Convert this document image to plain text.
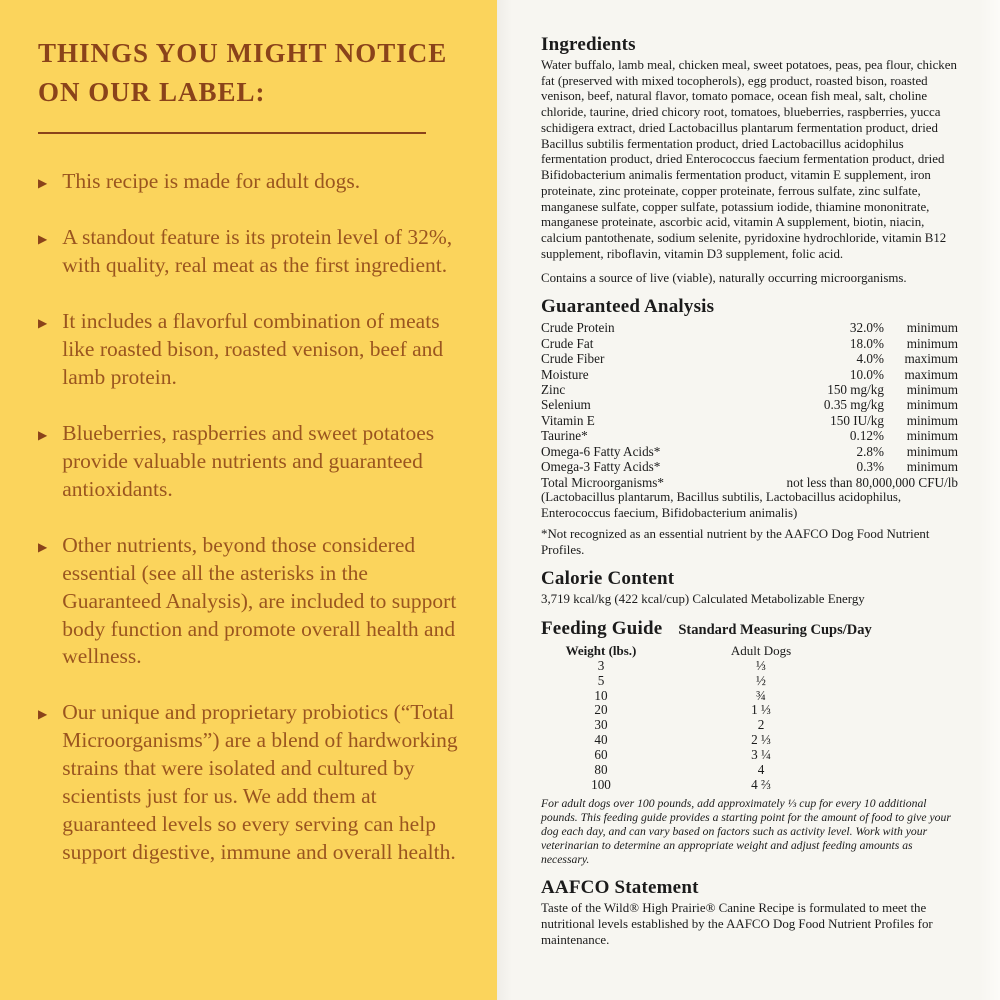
THINGS YOU MIGHT NOTICE ON OUR LABEL:
▶ This recipe is made for adult dogs.
▶ A standout feature is its protein level of 32%, with quality, real meat as the first ingredient.
▶ It includes a flavorful combination of meats like roasted bison, roasted venison, beef and lamb protein.
▶ Blueberries, raspberries and sweet potatoes provide valuable nutrients and guaranteed antioxidants.
▶ Other nutrients, beyond those considered essential (see all the asterisks in the Guaranteed Analysis), are included to support body function and promote overall health and wellness.
▶ Our unique and proprietary probiotics (“Total Microorganisms”) are a blend of hardworking strains that were isolated and cultured by scientists just for us. We add them at guaranteed levels so every serving can help support digestive, immune and overall health.
Ingredients
Water buffalo, lamb meal, chicken meal, sweet potatoes, peas, pea flour, chicken fat (preserved with mixed tocopherols), egg product, roasted bison, roasted venison, beef, natural flavor, tomato pomace, ocean fish meal, salt, choline chloride, taurine, dried chicory root, tomatoes, blueberries, raspberries, yucca schidigera extract, dried Lactobacillus plantarum fermentation product, dried Bacillus subtilis fermentation product, dried Lactobacillus acidophilus fermentation product, dried Enterococcus faecium fermentation product, dried Bifidobacterium animalis fermentation product, vitamin E supplement, iron proteinate, zinc proteinate, copper proteinate, ferrous sulfate, zinc sulfate, manganese sulfate, copper sulfate, potassium iodide, thiamine mononitrate, manganese proteinate, ascorbic acid, vitamin A supplement, biotin, niacin, calcium pantothenate, sodium selenite, pyridoxine hydrochloride, vitamin B12 supplement, riboflavin, vitamin D3 supplement, folic acid.
Contains a source of live (viable), naturally occurring microorganisms.
Guaranteed Analysis
Crude Protein	32.0%	minimum
Crude Fat	18.0%	minimum
Crude Fiber	4.0%	maximum
Moisture	10.0%	maximum
Zinc	150 mg/kg	minimum
Selenium	0.35 mg/kg	minimum
Vitamin E	150 IU/kg	minimum
Taurine*	0.12%	minimum
Omega-6 Fatty Acids*	2.8%	minimum
Omega-3 Fatty Acids*	0.3%	minimum
Total Microorganisms*	not less than 80,000,000 CFU/lb
(Lactobacillus plantarum, Bacillus subtilis, Lactobacillus acidophilus, Enterococcus faecium, Bifidobacterium animalis)
*Not recognized as an essential nutrient by the AAFCO Dog Food Nutrient Profiles.
Calorie Content
3,719 kcal/kg (422 kcal/cup) Calculated Metabolizable Energy
Feeding Guide Standard Measuring Cups/Day
Weight (lbs.)	Adult Dogs
3	⅓
5	½
10	¾
20	1 ⅓
30	2
40	2 ⅓
60	3 ¼
80	4
100	4 ⅔
For adult dogs over 100 pounds, add approximately ⅓ cup for every 10 additional pounds. This feeding guide provides a starting point for the amount of food to give your dog each day, and can vary based on factors such as activity level. Work with your veterinarian to determine an appropriate weight and adjust feeding amounts as necessary.
AAFCO Statement
Taste of the Wild® High Prairie® Canine Recipe is formulated to meet the nutritional levels established by the AAFCO Dog Food Nutrient Profiles for maintenance.
